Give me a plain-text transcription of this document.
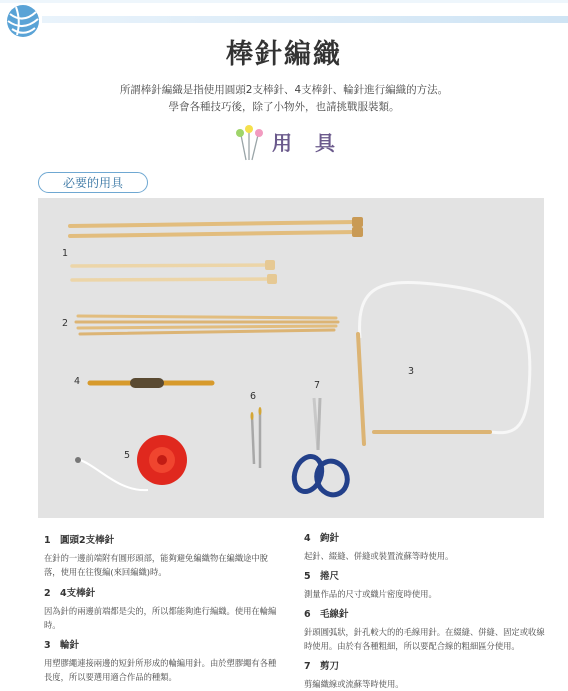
棒針編織
所謂棒針編織是指使用圓頭2支棒針、4支棒針、輪針進行編織的方法。
學會各種技巧後，除了小物外，也請挑戰服裝類。
用 具
必要的用具
1
2
3
4
5
6
7
1 圓頭2支棒針
在針的一邊前端附有圓形頭部，能夠避免編織物在編織途中脫落，使用在往復編(來回編織)時。
2 4支棒針
因為針的兩邊前端都是尖的，所以都能夠進行編織。使用在輪編時。
3 輪針
用塑膠繩連接兩邊的短針所形成的輪編用針。由於塑膠繩有各種長度，所以要選用適合作品的種類。
4 鉤針
起針、綴縫、併縫或裝置流蘇等時使用。
5 捲尺
測量作品的尺寸或織片密度時使用。
6 毛線針
針頭圓弧狀，針孔較大的的毛線用針。在綴縫、併縫、固定或收線時使用。由於有各種粗細，所以要配合線的粗細區分使用。
7 剪刀
剪編織線或流蘇等時使用。
